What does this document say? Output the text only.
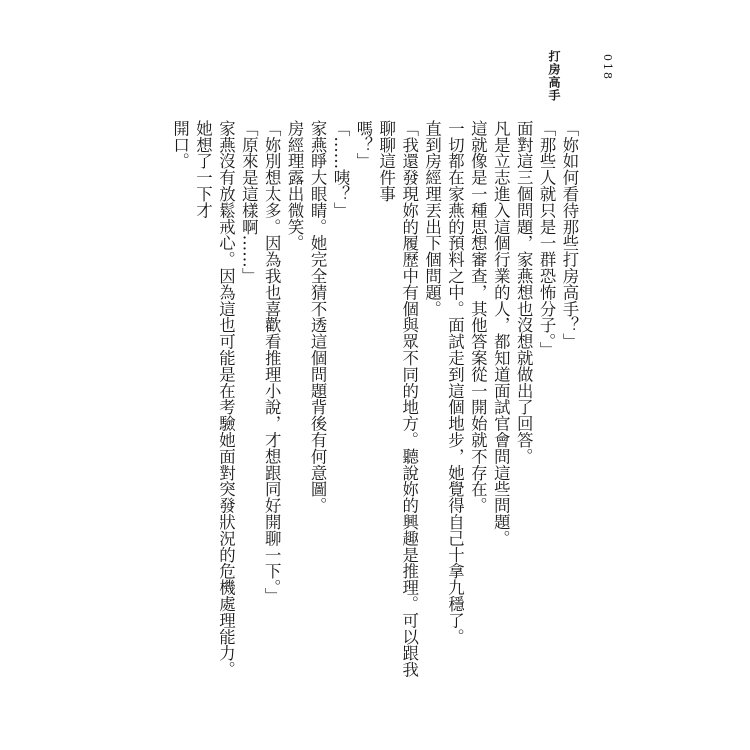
打房高手	018

「妳如何看待那些打房高手？」

「那些人就只是一群恐怖分子。」

面對這三個問題，家燕想也沒想就做出了回答。

凡是立志進入這個行業的人，都知道面試官會問這些問題。

這就像是一種思想審查，其他答案從一開始就不存在。

一切都在家燕的預料之中。面試走到這個地步，她覺得自己十拿九穩了。

直到房經理丟出下個問題。

「我還發現妳的履歷中有個與眾不同的地方。聽說妳的興趣是推理。可以跟我聊聊這件事

嗎？」

「……咦？」

家燕睜大眼睛。她完全猜不透這個問題背後有何意圖。

房經理露出微笑。

「妳別想太多。因為我也喜歡看推理小說，才想跟同好開聊一下。」

「原來是這樣啊……」

家燕沒有放鬆戒心。因為這也可能是在考驗她面對突發狀況的危機處理能力。她想了一下才

開口。
